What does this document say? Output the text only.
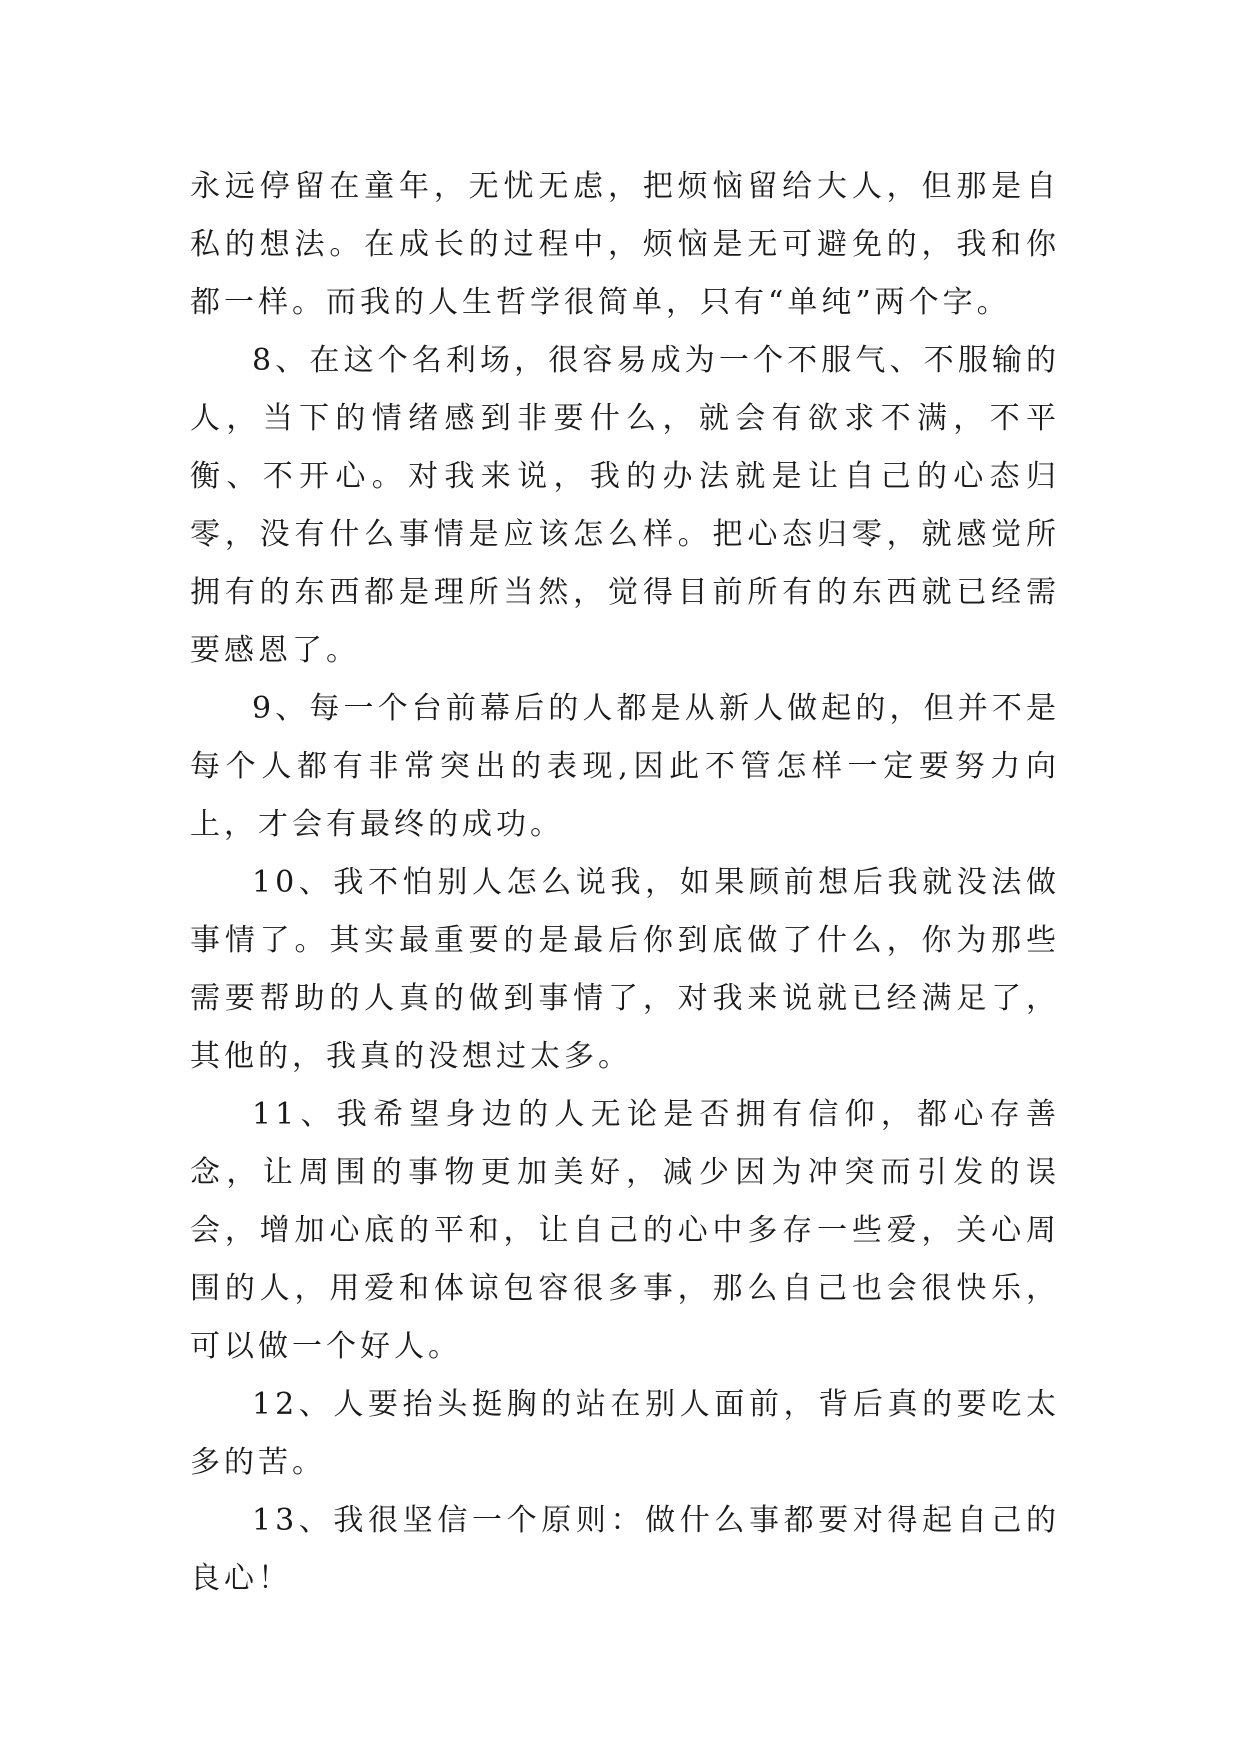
永远停留在童年，无忧无虑，把烦恼留给大人，但那是自私的想法。在成长的过程中，烦恼是无可避免的，我和你都一样。而我的人生哲学很简单，只有“单纯”两个字。

8、在这个名利场，很容易成为一个不服气、不服输的人，当下的情绪感到非要什么，就会有欲求不满，不平衡、不开心。对我来说，我的办法就是让自己的心态归零，没有什么事情是应该怎么样。把心态归零，就感觉所拥有的东西都是理所当然，觉得目前所有的东西就已经需要感恩了。

9、每一个台前幕后的人都是从新人做起的，但并不是每个人都有非常突出的表现,因此不管怎样一定要努力向上，才会有最终的成功。

10、我不怕别人怎么说我，如果顾前想后我就没法做事情了。其实最重要的是最后你到底做了什么，你为那些需要帮助的人真的做到事情了，对我来说就已经满足了，其他的，我真的没想过太多。

11、我希望身边的人无论是否拥有信仰，都心存善念，让周围的事物更加美好，减少因为冲突而引发的误会，增加心底的平和，让自己的心中多存一些爱，关心周围的人，用爱和体谅包容很多事，那么自己也会很快乐，可以做一个好人。

12、人要抬头挺胸的站在别人面前，背后真的要吃太多的苦。

13、我很坚信一个原则：做什么事都要对得起自己的良心！
